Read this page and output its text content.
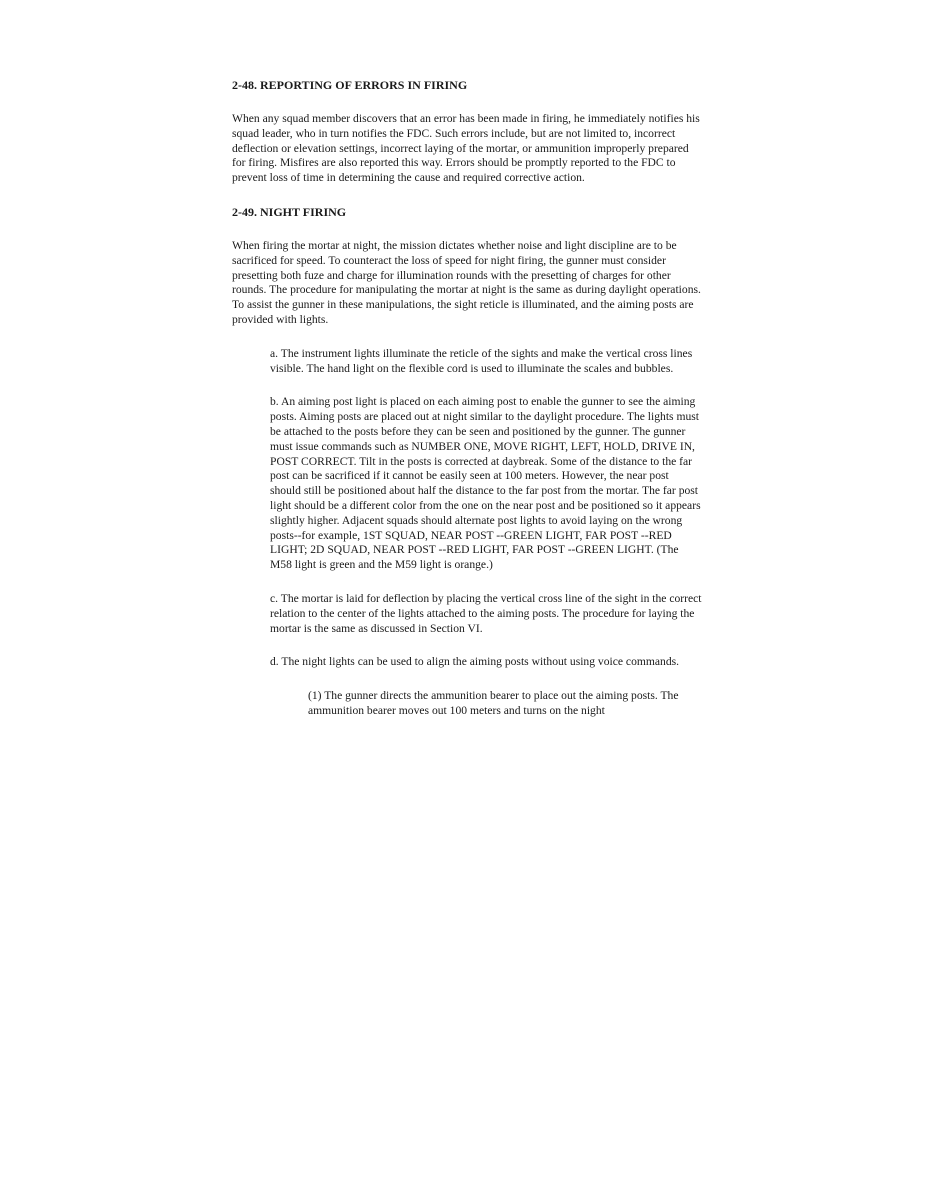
2-48. REPORTING OF ERRORS IN FIRING
When any squad member discovers that an error has been made in firing, he immediately notifies his squad leader, who in turn notifies the FDC. Such errors include, but are not limited to, incorrect deflection or elevation settings, incorrect laying of the mortar, or ammunition improperly prepared for firing. Misfires are also reported this way. Errors should be promptly reported to the FDC to prevent loss of time in determining the cause and required corrective action.
2-49. NIGHT FIRING
When firing the mortar at night, the mission dictates whether noise and light discipline are to be sacrificed for speed. To counteract the loss of speed for night firing, the gunner must consider presetting both fuze and charge for illumination rounds with the presetting of charges for other rounds. The procedure for manipulating the mortar at night is the same as during daylight operations. To assist the gunner in these manipulations, the sight reticle is illuminated, and the aiming posts are provided with lights.
a. The instrument lights illuminate the reticle of the sights and make the vertical cross lines visible. The hand light on the flexible cord is used to illuminate the scales and bubbles.
b. An aiming post light is placed on each aiming post to enable the gunner to see the aiming posts. Aiming posts are placed out at night similar to the daylight procedure. The lights must be attached to the posts before they can be seen and positioned by the gunner. The gunner must issue commands such as NUMBER ONE, MOVE RIGHT, LEFT, HOLD, DRIVE IN, POST CORRECT. Tilt in the posts is corrected at daybreak. Some of the distance to the far post can be sacrificed if it cannot be easily seen at 100 meters. However, the near post should still be positioned about half the distance to the far post from the mortar. The far post light should be a different color from the one on the near post and be positioned so it appears slightly higher. Adjacent squads should alternate post lights to avoid laying on the wrong posts--for example, 1ST SQUAD, NEAR POST --GREEN LIGHT, FAR POST --RED LIGHT; 2D SQUAD, NEAR POST --RED LIGHT, FAR POST --GREEN LIGHT. (The M58 light is green and the M59 light is orange.)
c. The mortar is laid for deflection by placing the vertical cross line of the sight in the correct relation to the center of the lights attached to the aiming posts. The procedure for laying the mortar is the same as discussed in Section VI.
d. The night lights can be used to align the aiming posts without using voice commands.
(1) The gunner directs the ammunition bearer to place out the aiming posts. The ammunition bearer moves out 100 meters and turns on the night
